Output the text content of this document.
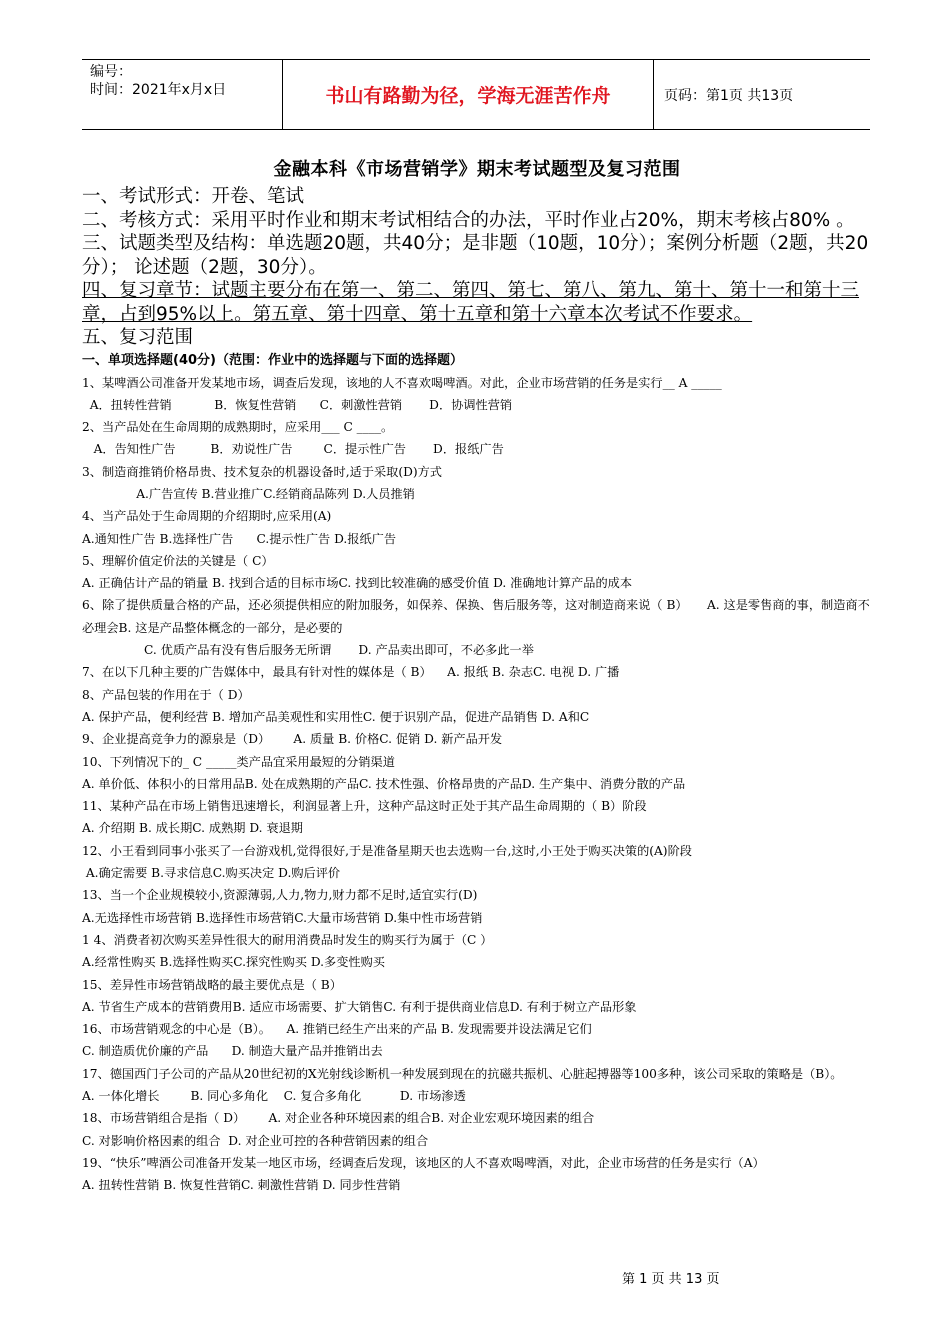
编号：
时间：2021年x月x日	书山有路勤为径，学海无涯苦作舟	页码：第1页 共13页
金融本科《市场营销学》期末考试题型及复习范围

一、考试形式：开卷、笔试

二、考核方式：采用平时作业和期末考试相结合的办法，平时作业占20%，期末考核占80% 。

三、试题类型及结构：单选题20题，共40分；是非题（10题，10分）；案例分析题（2题，共20分）； 论述题（2题，30分）。

四、复习章节：试题主要分布在第一、第二、第四、第七、第八、第九、第十、第十一和第十三章，占到95%以上。第五章、第十四章、第十五章和第十六章本次考试不作要求。

五、复习范围

一、单项选择题(40分)（范围：作业中的选择题与下面的选择题）

1、某啤酒公司准备开发某地市场，调查后发现，该地的人不喜欢喝啤酒。对此，企业市场营销的任务是实行__ A _____

A．扭转性营销           B．恢复性营销      C．刺激性营销       D．协调性营销

2、当产品处在生命周期的成熟期时，应采用___ C ____。

A．告知性广告         B．劝说性广告        C．提示性广告       D．报纸广告

3、制造商推销价格昂贵、技术复杂的机器设备时,适于采取(D)方式

A.广告宣传 B.营业推广C.经销商品陈列 D.人员推销

4、当产品处于生命周期的介绍期时,应采用(A)

A.通知性广告 B.选择性广告      C.提示性广告 D.报纸广告

5、理解价值定价法的关键是（ C）

A. 正确估计产品的销量 B. 找到合适的目标市场C. 找到比较准确的感受价值 D. 准确地计算产品的成本

6、除了提供质量合格的产品，还必须提供相应的附加服务，如保养、保换、售后服务等，这对制造商来说（ B）     A. 这是零售商的事，制造商不必理会B. 这是产品整体概念的一部分，是必要的

C. 优质产品有没有售后服务无所谓       D. 产品卖出即可，不必多此一举

7、在以下几种主要的广告媒体中，最具有针对性的媒体是（ B）    A. 报纸 B. 杂志C. 电视 D. 广播

8、产品包装的作用在于（ D）

A. 保护产品，便利经营 B. 增加产品美观性和实用性C. 便于识别产品，促进产品销售 D. A和C

9、企业提高竞争力的源泉是（D）      A. 质量 B. 价格C. 促销 D. 新产品开发

10、下列情况下的_ C _____类产品宜采用最短的分销渠道

A. 单价低、体积小的日常用品B. 处在成熟期的产品C. 技术性强、价格昂贵的产品D. 生产集中、消费分散的产品

11、某种产品在市场上销售迅速增长，利润显著上升，这种产品这时正处于其产品生命周期的（ B）阶段

A. 介绍期 B. 成长期C. 成熟期 D. 衰退期

12、小王看到同事小张买了一台游戏机,觉得很好,于是准备星期天也去选购一台,这时,小王处于购买决策的(A)阶段

A.确定需要 B.寻求信息C.购买决定 D.购后评价

13、当一个企业规模较小,资源薄弱,人力,物力,财力都不足时,适宜实行(D)

A.无选择性市场营销 B.选择性市场营销C.大量市场营销 D.集中性市场营销

1 4、消费者初次购买差异性很大的耐用消费品时发生的购买行为属于（C ）

A.经常性购买 B.选择性购买C.探究性购买 D.多变性购买

15、差异性市场营销战略的最主要优点是（ B）

A. 节省生产成本的营销费用B. 适应市场需要、扩大销售C. 有利于提供商业信息D. 有利于树立产品形象

16、市场营销观念的中心是（B）。    A. 推销已经生产出来的产品 B. 发现需要并设法满足它们

C. 制造质优价廉的产品      D. 制造大量产品并推销出去

17、德国西门子公司的产品从20世纪初的X光射线诊断机一种发展到现在的抗磁共振机、心脏起搏器等100多种，该公司采取的策略是（B）。     A. 一体化增长        B. 同心多角化    C. 复合多角化          D. 市场渗透

18、市场营销组合是指（ D）      A. 对企业各种环境因素的组合B. 对企业宏观环境因素的组合

C. 对影响价格因素的组合  D. 对企业可控的各种营销因素的组合

19、“快乐”啤酒公司准备开发某一地区市场，经调查后发现，该地区的人不喜欢喝啤酒，对此，企业市场营的任务是实行（A）

A. 扭转性营销 B. 恢复性营销C. 刺激性营销 D. 同步性营销

第 1 页 共 13 页
